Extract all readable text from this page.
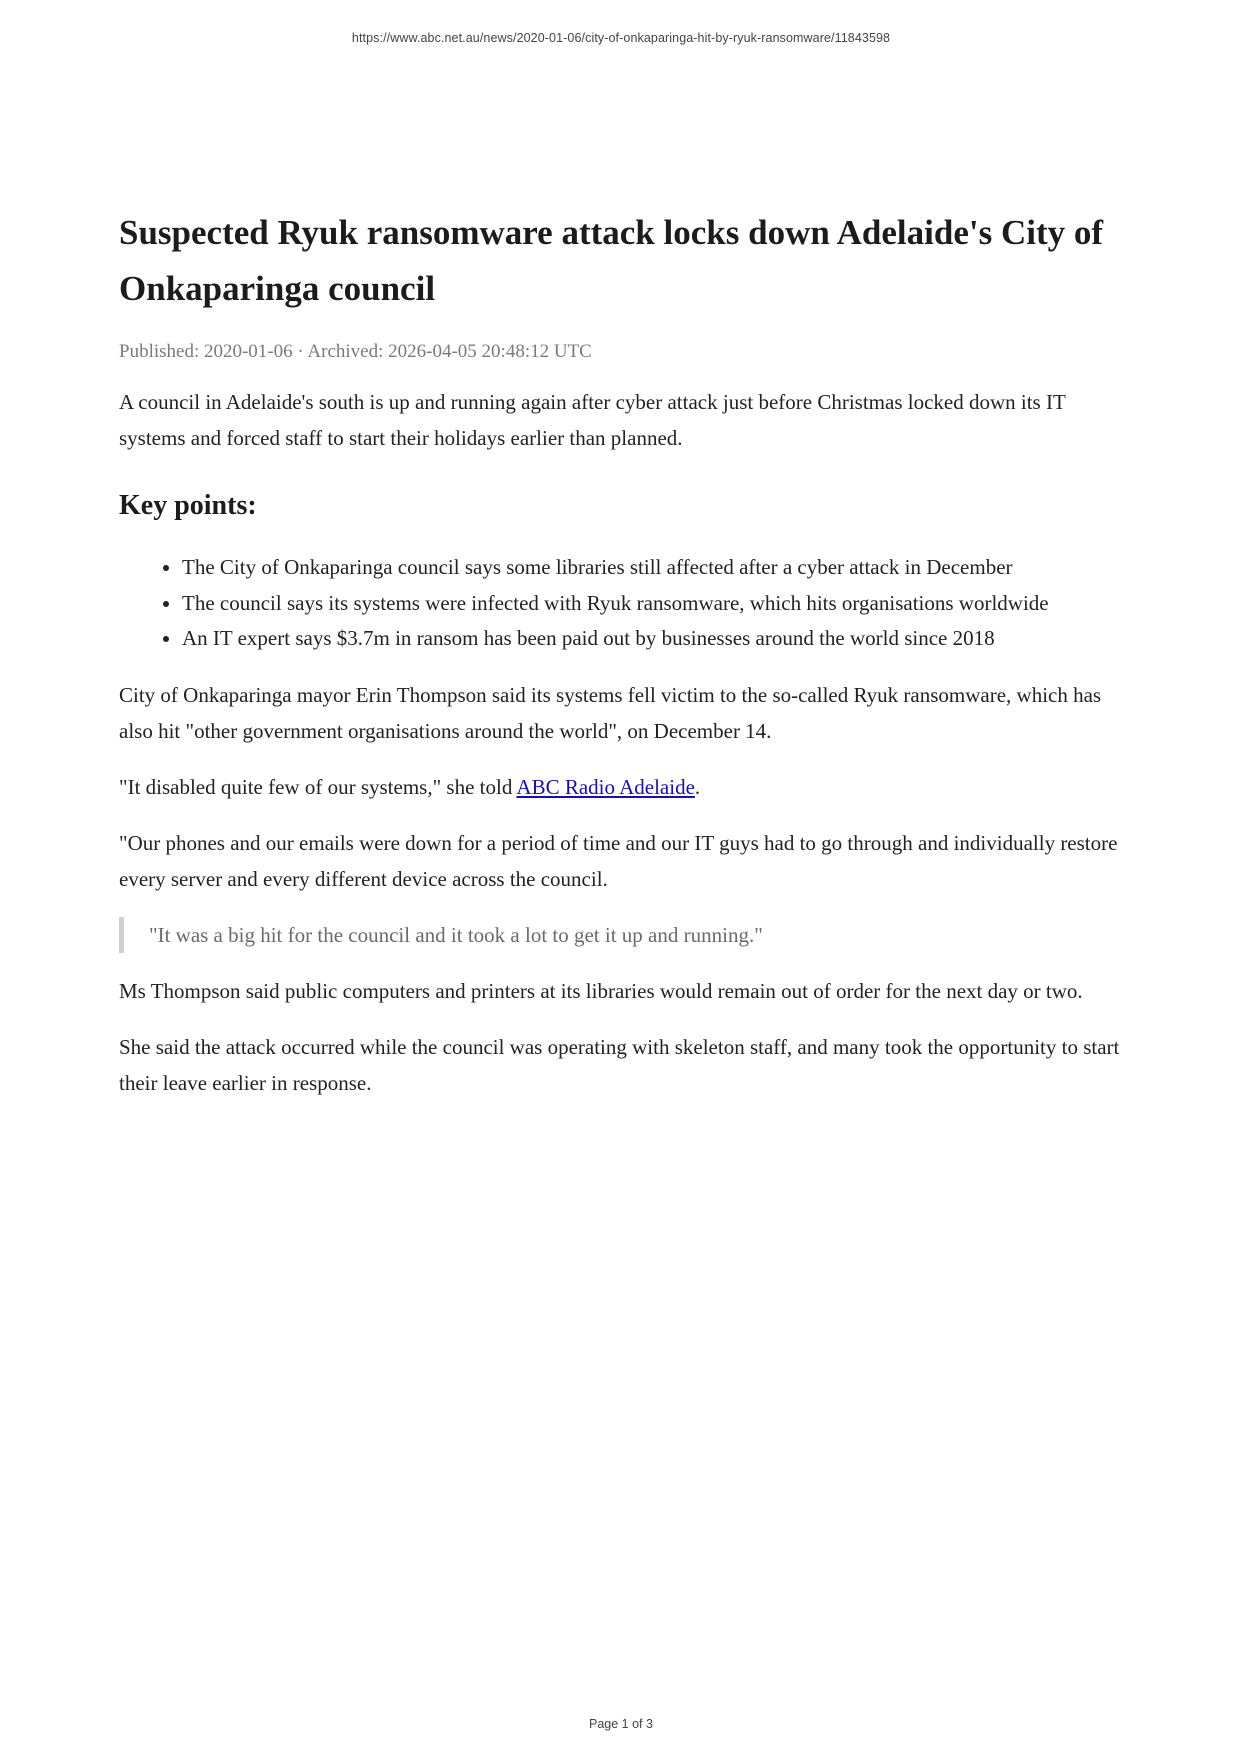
https://www.abc.net.au/news/2020-01-06/city-of-onkaparinga-hit-by-ryuk-ransomware/11843598
Suspected Ryuk ransomware attack locks down Adelaide's City of Onkaparinga council
Published: 2020-01-06 · Archived: 2026-04-05 20:48:12 UTC

A council in Adelaide's south is up and running again after cyber attack just before Christmas locked down its IT systems and forced staff to start their holidays earlier than planned.

Key points:
• The City of Onkaparinga council says some libraries still affected after a cyber attack in December
• The council says its systems were infected with Ryuk ransomware, which hits organisations worldwide
• An IT expert says $3.7m in ransom has been paid out by businesses around the world since 2018

City of Onkaparinga mayor Erin Thompson said its systems fell victim to the so-called Ryuk ransomware, which has also hit "other government organisations around the world", on December 14.

"It disabled quite few of our systems," she told ABC Radio Adelaide.

"Our phones and our emails were down for a period of time and our IT guys had to go through and individually restore every server and every different device across the council.

"It was a big hit for the council and it took a lot to get it up and running."

Ms Thompson said public computers and printers at its libraries would remain out of order for the next day or two.

She said the attack occurred while the council was operating with skeleton staff, and many took the opportunity to start their leave earlier in response.

Page 1 of 3
